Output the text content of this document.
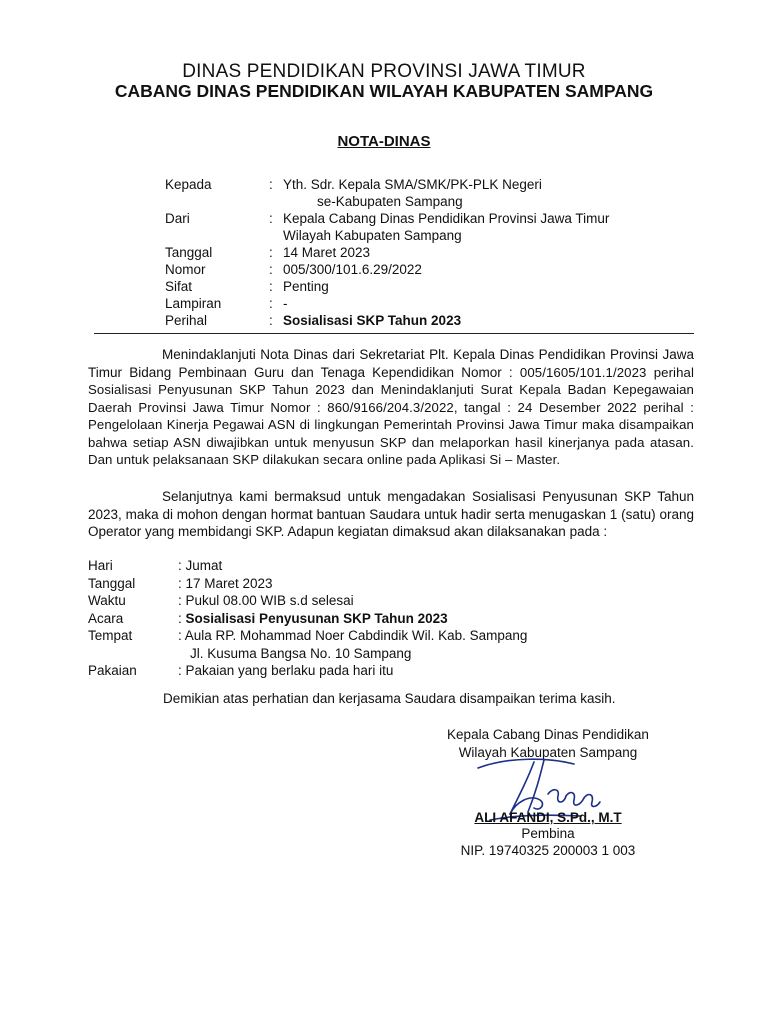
DINAS PENDIDIKAN PROVINSI JAWA TIMUR
CABANG DINAS PENDIDIKAN WILAYAH KABUPATEN SAMPANG
NOTA-DINAS
Kepada	: Yth. Sdr. Kepala SMA/SMK/PK-PLK Negeri
se-Kabupaten Sampang
Dari	: Kepala Cabang Dinas Pendidikan Provinsi Jawa Timur
Wilayah Kabupaten Sampang
Tanggal	: 14 Maret 2023
Nomor	: 005/300/101.6.29/2022
Sifat	: Penting
Lampiran	: -
Perihal	: Sosialisasi SKP Tahun 2023
Menindaklanjuti Nota Dinas dari Sekretariat Plt. Kepala Dinas Pendidikan Provinsi Jawa Timur Bidang Pembinaan Guru dan Tenaga Kependidikan Nomor : 005/1605/101.1/2023 perihal Sosialisasi Penyusunan SKP Tahun 2023 dan Menindaklanjuti Surat Kepala Badan Kepegawaian Daerah Provinsi Jawa Timur Nomor : 860/9166/204.3/2022, tangal : 24 Desember 2022 perihal : Pengelolaan Kinerja Pegawai ASN di lingkungan Pemerintah Provinsi Jawa Timur maka disampaikan bahwa setiap ASN diwajibkan untuk menyusun SKP dan melaporkan hasil kinerjanya pada atasan. Dan untuk pelaksanaan SKP dilakukan secara online pada Aplikasi Si – Master.
Selanjutnya kami bermaksud untuk mengadakan Sosialisasi Penyusunan SKP Tahun 2023, maka di mohon dengan hormat bantuan Saudara untuk hadir serta menugaskan 1 (satu) orang Operator yang membidangi SKP. Adapun kegiatan dimaksud akan dilaksanakan pada :
Hari	: Jumat
Tanggal	: 17 Maret 2023
Waktu	: Pukul 08.00 WIB s.d selesai
Acara	: Sosialisasi Penyusunan SKP Tahun 2023
Tempat	: Aula RP. Mohammad Noer Cabdindik Wil. Kab. Sampang
Jl. Kusuma Bangsa No. 10 Sampang
Pakaian	: Pakaian yang berlaku pada hari itu
Demikian atas perhatian dan kerjasama Saudara disampaikan terima kasih.
Kepala Cabang Dinas Pendidikan
Wilayah Kabupaten Sampang
ALI AFANDI, S.Pd., M.T
Pembina
NIP. 19740325 200003 1 003
